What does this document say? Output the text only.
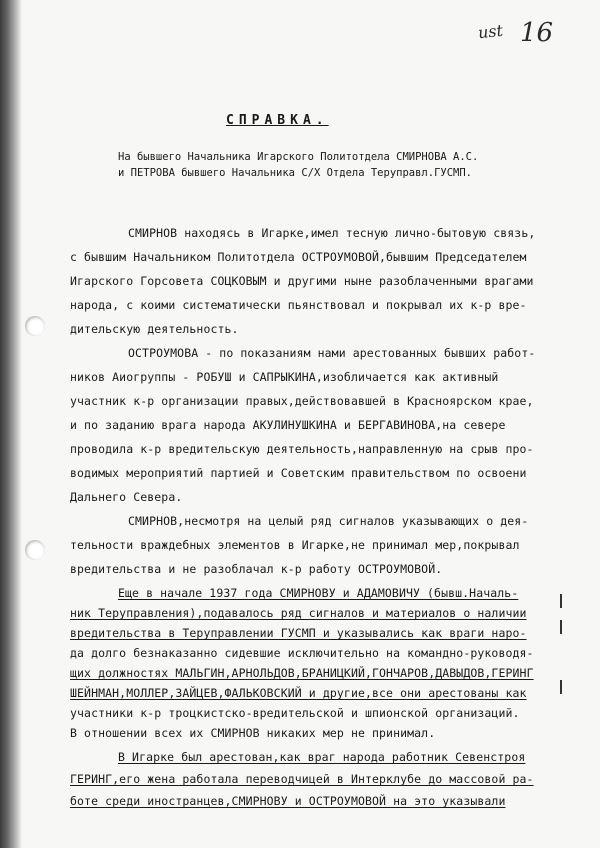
ust 16
СПРАВКА.
На бывшего Начальника Игарского Политотдела СМИРНОВА А.С.
и ПЕТРОВА бывшего Начальника С/Х Отдела Теруправл.ГУСМП.
СМИРНОВ находясь в Игарке,имел тесную лично-бытовую связь,
с бывшим Начальником Политотдела ОСТРОУМОВОЙ,бывшим Председателем
Игарского Горсовета СОЦКОВЫМ и другими ныне разоблаченными врагами
народа, с коими систематически пьянствовал и покрывал их к-р вре-
дительскую деятельность.
ОСТРОУМОВА - по показаниям нами арестованных бывших работ-
ников Аиогруппы - РОБУШ и САПРЫКИНА,изобличается как активный
участник к-р организации правых,действовавшей в Красноярском крае,
и по заданию врага народа АКУЛИНУШКИНА и БЕРГАВИНОВА,на севере
проводила к-р вредительскую деятельность,направленную на срыв про-
водимых мероприятий партией и Советским правительством по освоени
Дальнего Севера.
СМИРНОВ,несмотря на целый ряд сигналов указывающих о дея-
тельности враждебных элементов в Игарке,не принимал мер,покрывал
вредительства и не разоблачал к-р работу ОСТРОУМОВОЙ.
Еще в начале 1937 года СМИРНОВУ и АДАМОВИЧУ (бывш.Началь-
ник Теруправления),подавалось ряд сигналов и материалов о наличии
вредительства в Теруправлении ГУСМП и указывались как враги наро-
да долго безнаказанно сидевшие исключительно на командно-руководя-
щих должностях МАЛЬГИН,АРНОЛЬДОВ,БРАНИЦКИЙ,ГОНЧАРОВ,ДАВЫДОВ,ГЕРИНГ
ШЕЙНМАН,МОЛЛЕР,ЗАЙЦЕВ,ФАЛЬКОВСКИЙ и другие,все они арестованы как
участники к-р троцкистско-вредительской и шпионской организаций.
В отношении всех их СМИРНОВ никаких мер не принимал.
В Игарке был арестован,как враг народа работник Севенстроя
ГЕРИНГ,его жена работала переводчицей в Интерклубе до массовой ра-
боте среди иностранцев,СМИРНОВУ и ОСТРОУМОВОЙ на это указывали
